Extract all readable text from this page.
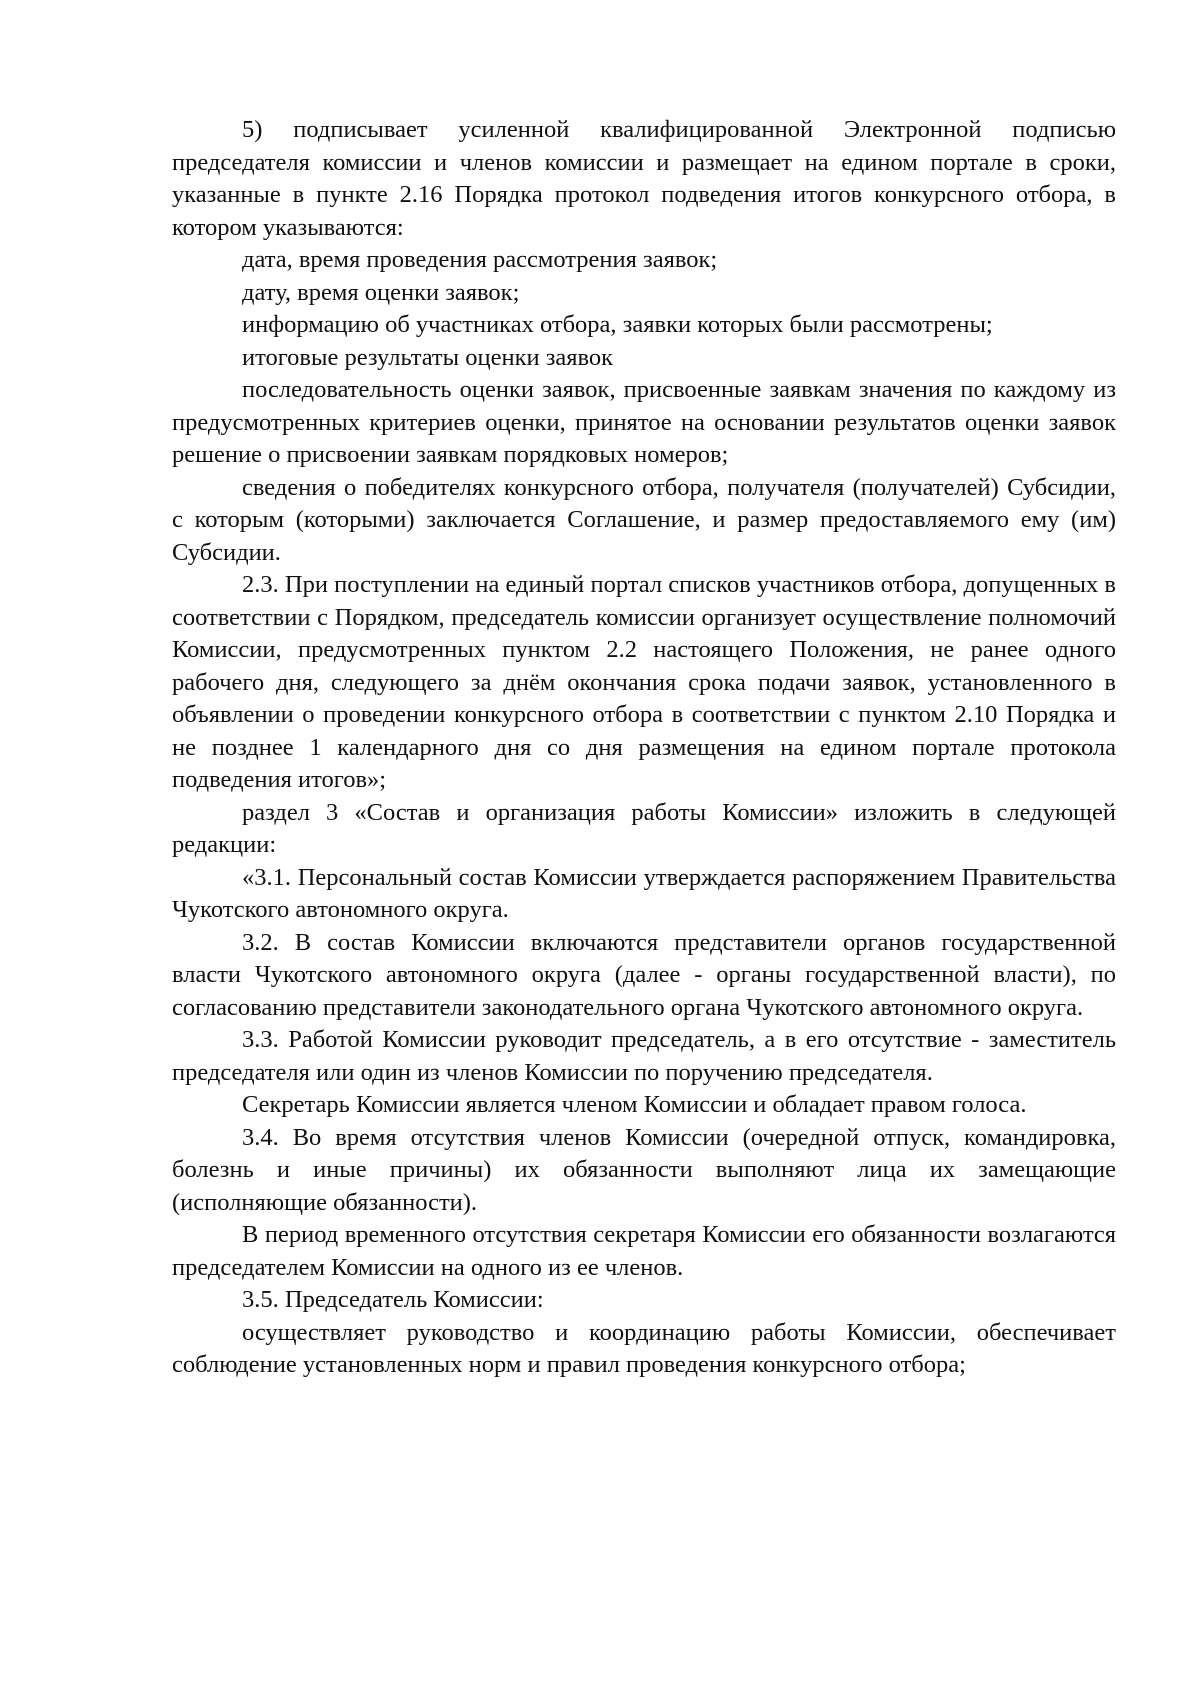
5) подписывает усиленной квалифицированной Электронной подписью председателя комиссии и членов комиссии и размещает на едином портале в сроки, указанные в пункте 2.16 Порядка протокол подведения итогов конкурсного отбора, в котором указываются:

дата, время проведения рассмотрения заявок;

дату, время оценки заявок;

информацию об участниках отбора, заявки которых были рассмотрены;

итоговые результаты оценки заявок

последовательность оценки заявок, присвоенные заявкам значения по каждому из предусмотренных критериев оценки, принятое на основании результатов оценки заявок решение о присвоении заявкам порядковых номеров;

сведения о победителях конкурсного отбора, получателя (получателей) Субсидии, с которым (которыми) заключается Соглашение, и размер предоставляемого ему (им) Субсидии.

2.3. При поступлении на единый портал списков участников отбора, допущенных в соответствии с Порядком, председатель комиссии организует осуществление полномочий Комиссии, предусмотренных пунктом 2.2 настоящего Положения, не ранее одного рабочего дня, следующего за днём окончания срока подачи заявок, установленного в объявлении о проведении конкурсного отбора в соответствии с пунктом 2.10 Порядка и не позднее 1 календарного дня со дня размещения на едином портале протокола подведения итогов»;

раздел 3 «Состав и организация работы Комиссии» изложить в следующей редакции:

«3.1. Персональный состав Комиссии утверждается распоряжением Правительства Чукотского автономного округа.

3.2. В состав Комиссии включаются представители органов государственной власти Чукотского автономного округа (далее - органы государственной власти), по согласованию представители законодательного органа Чукотского автономного округа.

3.3. Работой Комиссии руководит председатель, а в его отсутствие - заместитель председателя или один из членов Комиссии по поручению председателя.

Секретарь Комиссии является членом Комиссии и обладает правом голоса.

3.4. Во время отсутствия членов Комиссии (очередной отпуск, командировка, болезнь и иные причины) их обязанности выполняют лица их замещающие (исполняющие обязанности).

В период временного отсутствия секретаря Комиссии его обязанности возлагаются председателем Комиссии на одного из ее членов.

3.5. Председатель Комиссии:

осуществляет руководство и координацию работы Комиссии, обеспечивает соблюдение установленных норм и правил проведения конкурсного отбора;
